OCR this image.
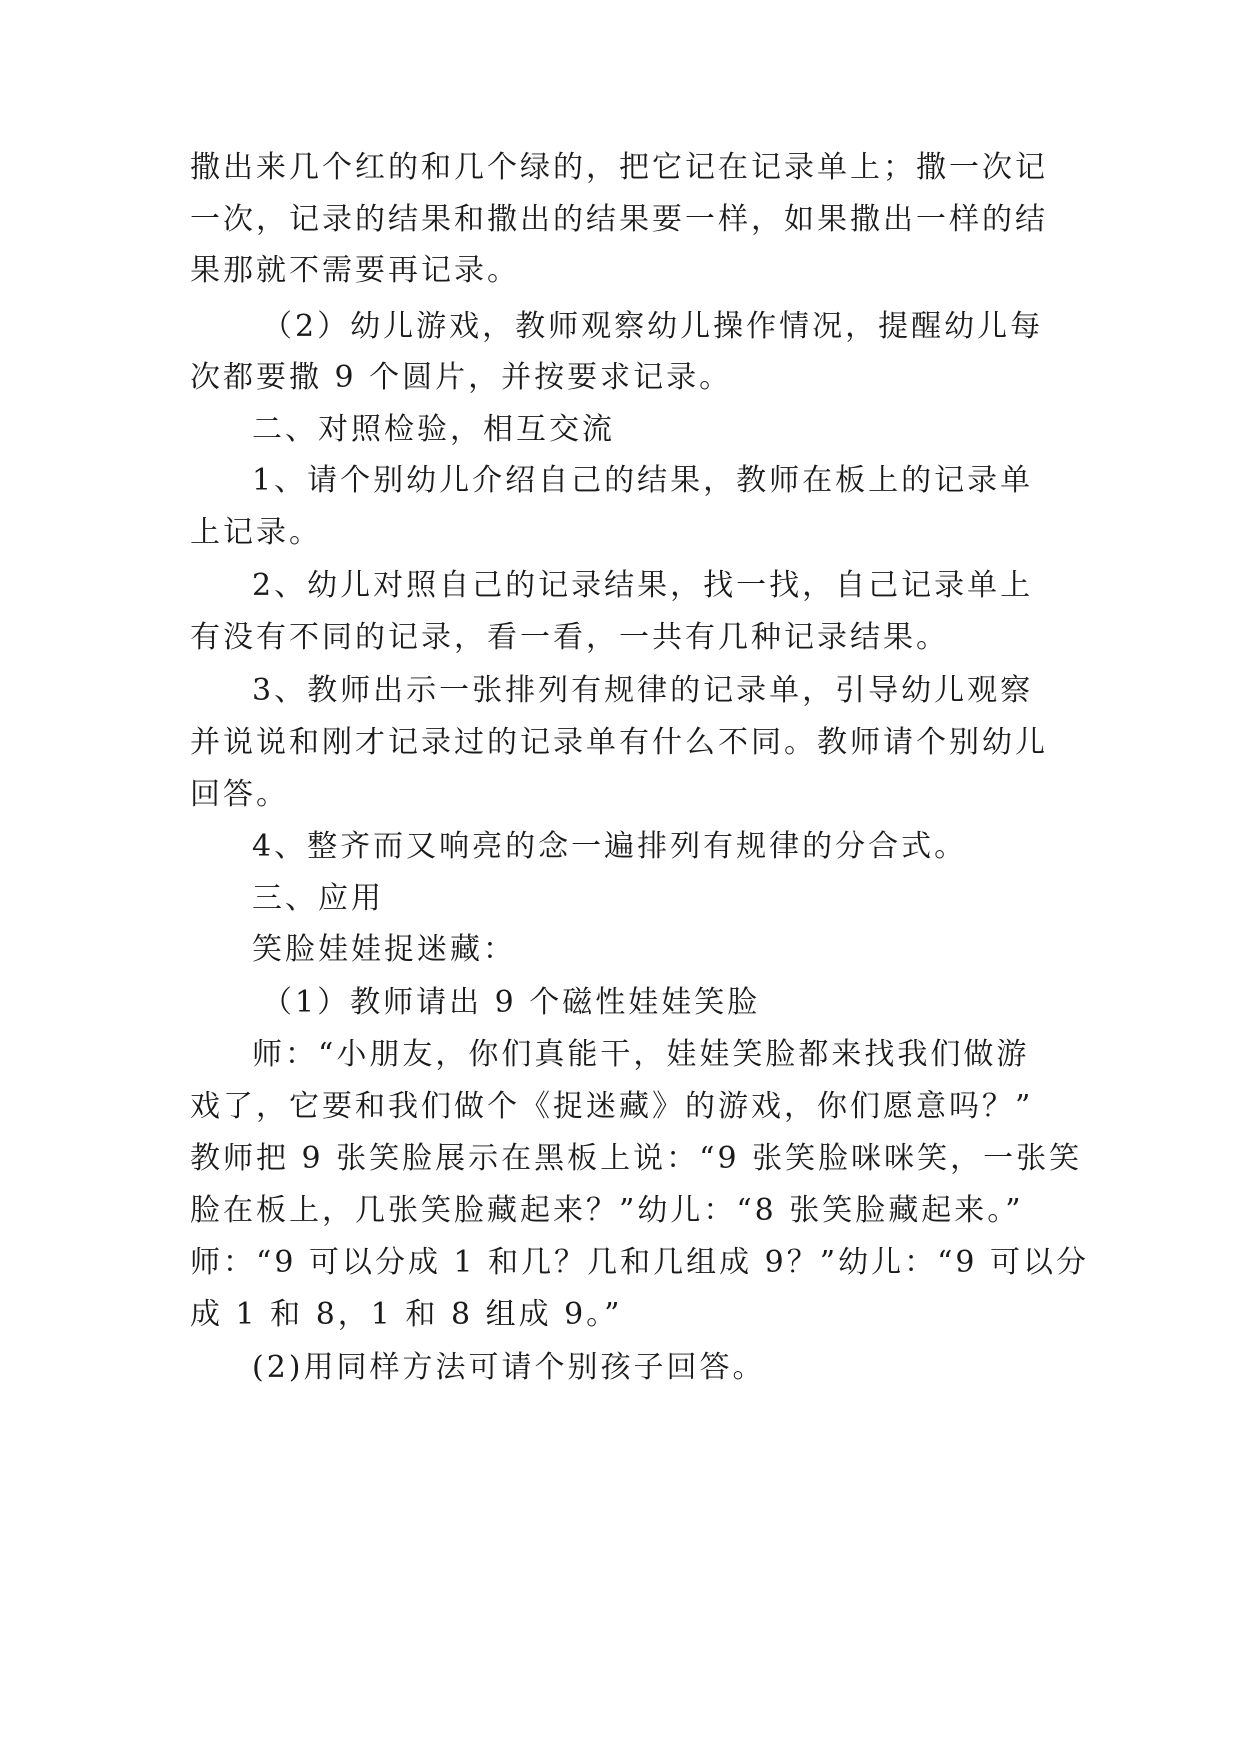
撒出来几个红的和几个绿的，把它记在记录单上；撒一次记
一次，记录的结果和撒出的结果要一样，如果撒出一样的结
果那就不需要再记录。
（2）幼儿游戏，教师观察幼儿操作情况，提醒幼儿每
次都要撒 9 个圆片，并按要求记录。
二、对照检验，相互交流
1、请个别幼儿介绍自己的结果，教师在板上的记录单
上记录。
2、幼儿对照自己的记录结果，找一找，自己记录单上
有没有不同的记录，看一看，一共有几种记录结果。
3、教师出示一张排列有规律的记录单，引导幼儿观察
并说说和刚才记录过的记录单有什么不同。教师请个别幼儿
回答。
4、整齐而又响亮的念一遍排列有规律的分合式。
三、应用
笑脸娃娃捉迷藏：
（1）教师请出 9 个磁性娃娃笑脸
师：“小朋友，你们真能干，娃娃笑脸都来找我们做游
戏了，它要和我们做个《捉迷藏》的游戏，你们愿意吗？”
教师把 9 张笑脸展示在黑板上说：“9 张笑脸咪咪笑，一张笑
脸在板上，几张笑脸藏起来？”幼儿：“8 张笑脸藏起来。”
师：“9 可以分成 1 和几？几和几组成 9？”幼儿：“9 可以分
成 1 和 8，1 和 8 组成 9。”
(2)用同样方法可请个别孩子回答。
